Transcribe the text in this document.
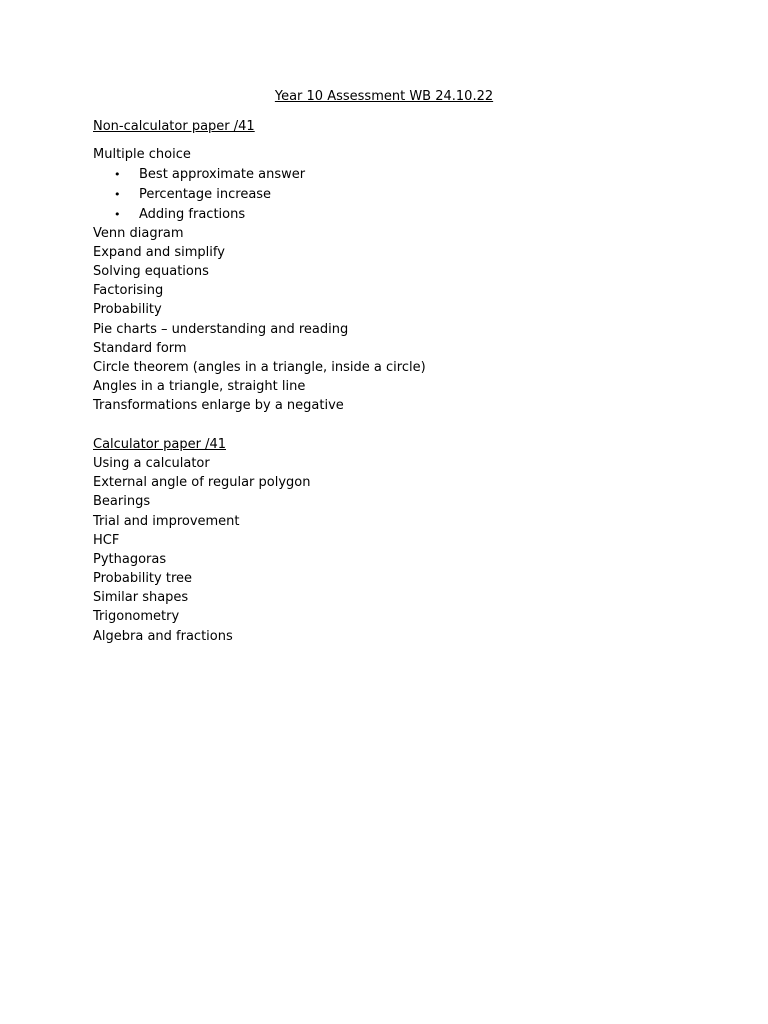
Year 10 Assessment WB 24.10.22
Non-calculator paper /41
Multiple choice
• Best approximate answer
• Percentage increase
• Adding fractions
Venn diagram
Expand and simplify
Solving equations
Factorising
Probability
Pie charts – understanding and reading
Standard form
Circle theorem (angles in a triangle, inside a circle)
Angles in a triangle, straight line
Transformations enlarge by a negative
Calculator paper /41
Using a calculator
External angle of regular polygon
Bearings
Trial and improvement
HCF
Pythagoras
Probability tree
Similar shapes
Trigonometry
Algebra and fractions
